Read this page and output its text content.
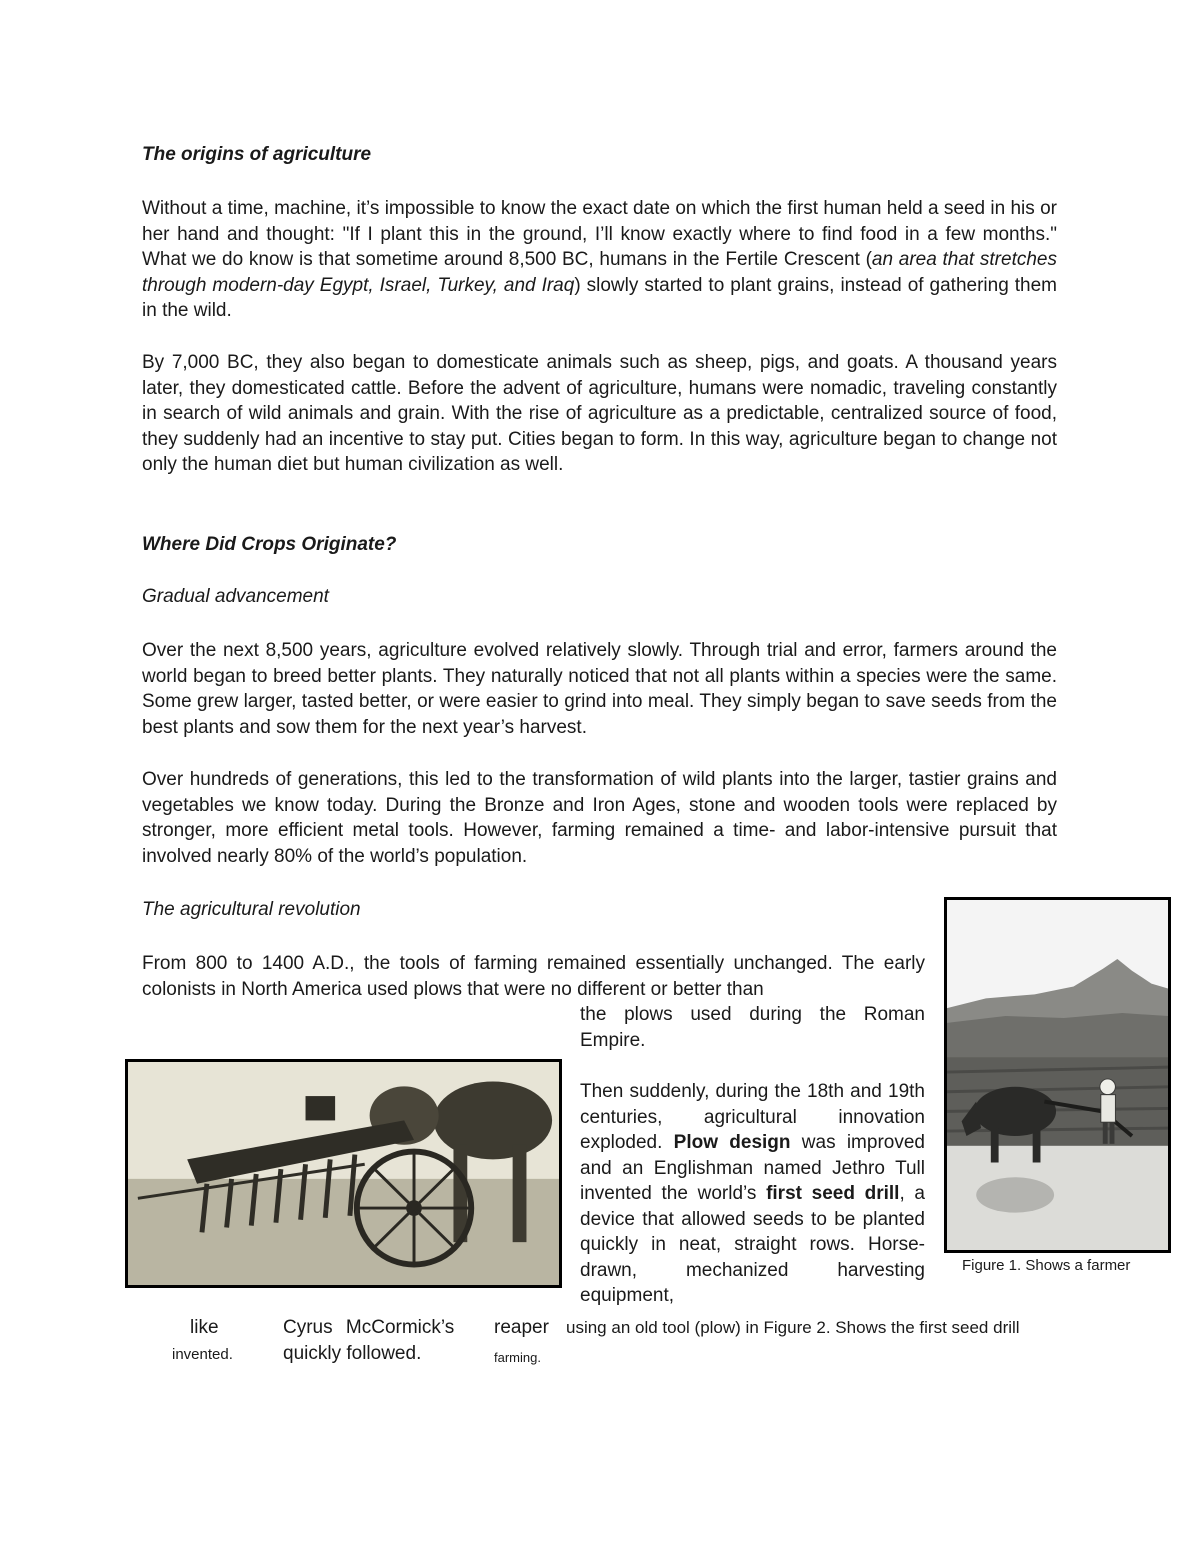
The origins of agriculture

Without a time, machine, it’s impossible to know the exact date on which the first human held a seed in his or her hand and thought: "If I plant this in the ground, I’ll know exactly where to find food in a few months." What we do know is that sometime around 8,500 BC, humans in the Fertile Crescent (an area that stretches through modern-day Egypt, Israel, Turkey, and Iraq) slowly started to plant grains, instead of gathering them in the wild.

By 7,000 BC, they also began to domesticate animals such as sheep, pigs, and goats. A thousand years later, they domesticated cattle. Before the advent of agriculture, humans were nomadic, traveling constantly in search of wild animals and grain. With the rise of agriculture as a predictable, centralized source of food, they suddenly had an incentive to stay put. Cities began to form. In this way, agriculture began to change not only the human diet but human civilization as well.

Where Did Crops Originate?
Gradual advancement

Over the next 8,500 years, agriculture evolved relatively slowly. Through trial and error, farmers around the world began to breed better plants. They naturally noticed that not all plants within a species were the same. Some grew larger, tasted better, or were easier to grind into meal. They simply began to save seeds from the best plants and sow them for the next year’s harvest.

Over hundreds of generations, this led to the transformation of wild plants into the larger, tastier grains and vegetables we know today. During the Bronze and Iron Ages, stone and wooden tools were replaced by stronger, more efficient metal tools. However, farming remained a time- and labor-intensive pursuit that involved nearly 80% of the world’s population.

The agricultural revolution

From 800 to 1400 A.D., the tools of farming remained essentially unchanged. The early colonists in North America used plows that were no different or better than

the plows used during the Roman Empire.

Then suddenly, during the 18th and 19th centuries, agricultural innovation exploded. Plow design was improved and an Englishman named Jethro Tull invented the world’s first seed drill, a device that allowed seeds to be planted quickly in neat, straight rows. Horse-drawn, mechanized harvesting equipment,

Figure 1. Shows a farmer
like
invented.
Cyrus McCormick’s
quickly followed.
reaper
farming.
using an old tool (plow) in Figure 2. Shows the first seed drill
